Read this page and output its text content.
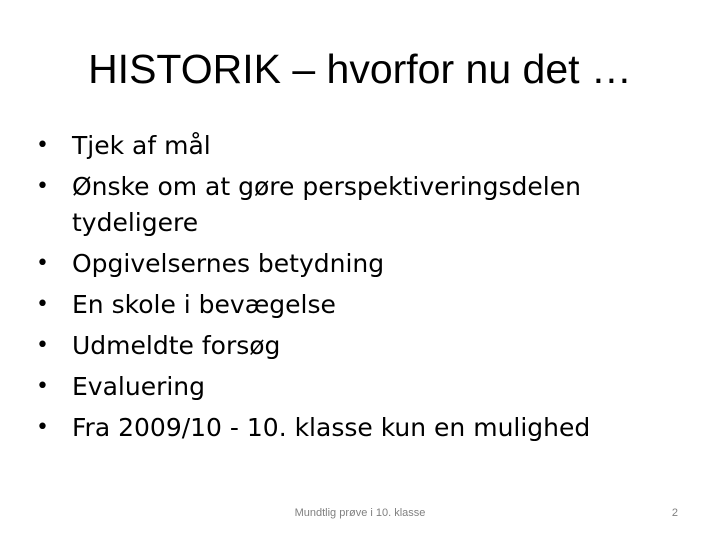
HISTORIK – hvorfor nu det …
• Tjek af mål
• Ønske om at gøre perspektiveringsdelen tydeligere
• Opgivelsernes betydning
• En skole i bevægelse
• Udmeldte forsøg
• Evaluering
• Fra 2009/10 - 10. klasse kun en mulighed
Mundtlig prøve i 10. klasse	2
